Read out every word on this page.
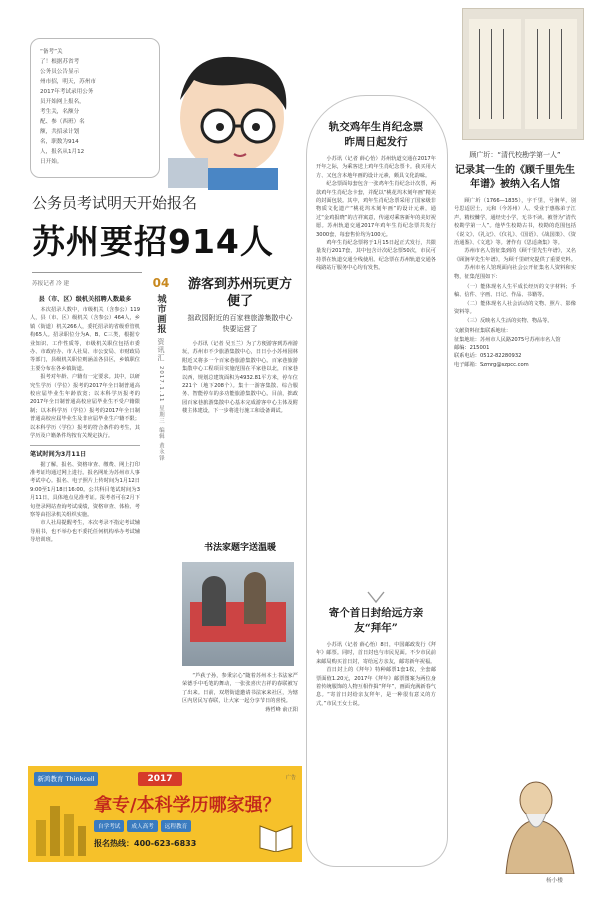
“备考”关
了！根据苏省考
公务员公告显示
州市招，明天，苏州市
2017年考试录用公务
员开始网上报名，
考生关，名额分
配、参（西班）名
额，共招录计划
名，职数为914
人，报名从1月12
日开始。
公务员考试明天开始报名
苏州要招914人
苏报记者 冷 建
县（市、区）级机关招聘人数最多

本次招录人数中，市级机关（含参公）119人，县（市、区）级机关（含参公）464人，乡镇（街道）机关266人，委托招录的省级垂管机构65人。招录职位分为A、B、C三类，根据专业知识、工作性质等，市级机关职位包括市委办、市政府办、市人社局、市公安局、市财政局等部门，县级机关职位则涵盖各县区，乡镇职位主要分布在各乡镇街道。

报考对年龄、户籍有一定要求。其中，以研究生学历（学位）报考的2017年全日制普通高校应届毕业生年龄放宽；以本科学历报考的2017年全日制普通高校应届毕业生不受户籍限制；以本科学历（学位）报考的2017年全日制普通高校应届毕业生及非应届毕业生户籍不限；以本科学历（学位）报考的符合条件的考生，其学历及户籍条件均按有关规定执行。

笔试时间为3月11日

据了解，报名、资格审查、缴费、网上打印准考证均通过网上进行。报名网址为苏州市人事考试中心。报名、电子照片上传时间为1月12日9:00至1月18日16:00。公共科目笔试时间为3月11日，具体地点见准考证。报考者可在2月下旬登录网站查询考试成绩，资格审查、体检、考察等由招录机关组织实施。

市人社局提醒考生，本次考录不指定考试辅导用书，也不举办也不委托任何机构举办考试辅导培训班。

04
城市画报
资讯汇
2017.1.11 星期三 编辑 黄永锋
游客到苏州玩更方便了
拙政园附近的百家巷旅游集散中心快要运营了

小苏讯（记者 吴玉兰）为了方便游客到苏州游玩，苏州市不少旅游集散中心，日日小小苏州园林附近又将多一个百家巷旅游集散中心。百家巷旅游集散中心工程项目实施范围在平家巷以北，百家巷以西，规划总建筑面积为4932.81平方米，停车位221个（地下208个）。集十一游客集散、综合服务、智能停车的多功能旅游集散中心。目前，拙政园百家巷旅游集散中心基本完成游客中心主体及附楼主体建设，下一步将进行施工和设备调试。

书法家题字送温暖

“芦荻子孙，参秉宗心”随着苏州本土书法家严荣德手中毛笔的舞动，一张张喜庆吉祥的春联被写了出来。日前，双塔街道邀请书法家来社区，为辖区内居民写春联，让大家一起分享节日的喜悦。

蒋哲峰 俞正阳
轨交鸡年生肖纪念票昨周日起发行

小苏讯（记者 薛心怡）苏州轨道交通在2017年开年之际，为乘客送上鸡年生肖纪念票卡。我买用大方、又包含本地年画的设计元素，颇具文化韵味。

纪念票面每套包含一张鸡年生肖纪念计次票，两款鸡年生肖纪念卡套，并配以“桃花坞木刻年画”精美的封面包装。其中，鸡年生肖纪念票采用了国家级非物质文化遗产“桃花坞木刻年画”的设计元素，通过“金鸡报晓”的吉祥寓意，传递对乘客新年的美好祝愿。苏州轨道交通2017年鸡年生肖纪念票共发行3000套，每套售价均为100元。

鸡年生肖纪念票将于1月15日起正式发行，共限量发行2017套，其中包含计次纪念票50次，市民可持票在轨道交通全线使用。纪念票在苏州轨道交通各线路站厅服务中心均有发售。

寄个首日封给远方亲友“拜年”

小苏讯（记者 薛心怡）8日，中国邮政发行《拜年》邮票。同时，首日封也与市民见面。不少市民前来邮局购买首日封，寄给远方亲友，邮寄新年祝福。

首日封上的《拜年》特种邮票1套1枚，全套邮票面值1.20元，2017年《拜年》邮票图案为两位身着传统服饰的人物互相作揖“拜年”，画面充满新春气息。“寄首日封给亲友拜年，是一种很有意义的方式。”市民王女士说。

顾广圻：“清代校勘学第一人”
记录其一生的《顾千里先生年谱》被纳入名人馆

顾广圻（1766—1835），字千里，号涧苹，别号思适居士，元和（今苏州）人。受业于惠栋弟子江声，精校雠学，通经史小学，无书不读。被誉为“清代校勘学第一人”。他毕生校勘古书，校勘的范围包括《说文》、《礼记》、《仪礼》、《国语》、《战国策》、《资治通鉴》、《文选》等。著作有《思适斋集》等。

苏州市名人馆征集到的《顾千里先生年谱》，又名《顾涧苹先生年谱》，为顾千里研究提供了重要史料。

苏州市名人馆现面向社会公开征集名人资料和实物，征集范围如下：

（一）能体现名人生平成长经历的文字材料；手稿、信件、字画、日记、作品、书籍等。

（二）能体现名人社会活动的文物、照片、影像资料等。

（三）反映名人生活的实物、物品等。

文献资料征集联系地址：
征集地址：苏州市人民路2075号苏州市名人馆
邮编：215001
联系电话：0512-82280932
电子邮箱：Szmrg@szpcc.com
杨小楼
新鸿教育 Thinkcell	2017	广告
拿专/本科学历哪家强？
自学考试 成人高考 远程教育
报名热线：400-623-6833
